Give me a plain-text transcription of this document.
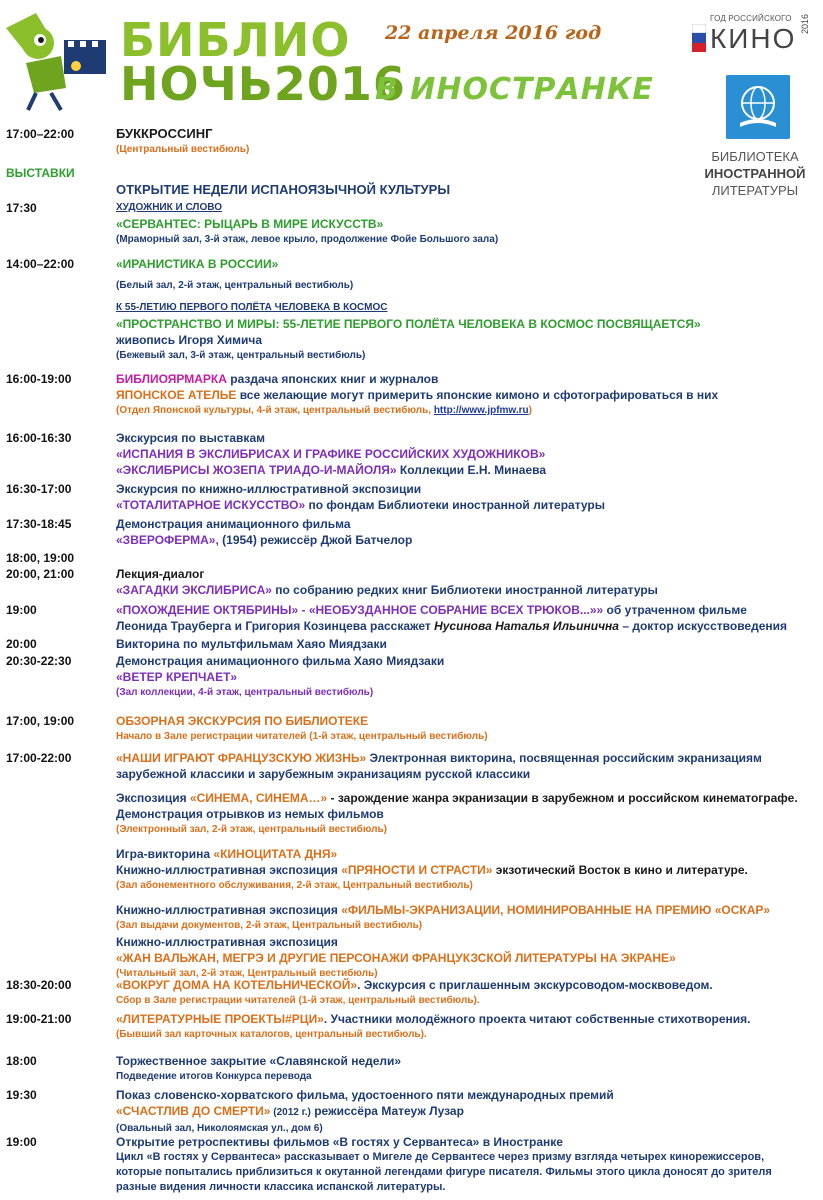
БИБЛИО
НОЧЬ2016
22 апреля 2016 год
В ИНОСТРАНКЕ
ГОД РОССИЙСКОГО
КИНО 2016
БИБЛИОТЕКА
ИНОСТРАННОЙ
ЛИТЕРАТУРЫ
17:00–22:00	БУККРОССИНГ
(Центральный вестибюль)
ВЫСТАВКИ
ОТКРЫТИЕ НЕДЕЛИ ИСПАНОЯЗЫЧНОЙ КУЛЬТУРЫ
17:30	ХУДОЖНИК И СЛОВО
«СЕРВАНТЕС: РЫЦАРЬ В МИРЕ ИСКУССТВ»
(Мраморный зал, 3-й этаж, левое крыло, продолжение Фойе Большого зала)
14:00–22:00	«ИРАНИСТИКА В РОССИИ»
(Белый зал, 2-й этаж, центральный вестибюль)
К 55-ЛЕТИЮ ПЕРВОГО ПОЛЁТА ЧЕЛОВЕКА В КОСМОС
«ПРОСТРАНСТВО И МИРЫ: 55-ЛЕТИЕ ПЕРВОГО ПОЛЁТА ЧЕЛОВЕКА В КОСМОС ПОСВЯЩАЕТСЯ»
живопись Игоря Химича
(Бежевый зал, 3-й этаж, центральный вестибюль)
16:00-19:00	БИБЛИОЯРМАРКА раздача японских книг и журналов
ЯПОНСКОЕ АТЕЛЬЕ все желающие могут примерить японские кимоно и сфотографироваться в них
(Отдел Японской культуры, 4-й этаж, центральный вестибюль, http://www.jpfmw.ru)
16:00-16:30	Экскурсия по выставкам
«ИСПАНИЯ В ЭКСЛИБРИСАХ И ГРАФИКЕ РОССИЙСКИХ ХУДОЖНИКОВ»
«ЭКСЛИБРИСЫ ЖОЗЕПА ТРИАДО-И-МАЙОЛЯ» Коллекции Е.Н. Минаева
16:30-17:00	Экскурсия по книжно-иллюстративной экспозиции
«ТОТАЛИТАРНОЕ ИСКУССТВО» по фондам Библиотеки иностранной литературы
17:30-18:45	Демонстрация анимационного фильма
«ЗВЕРОФЕРМА», (1954) режиссёр Джой Батчелор
18:00, 19:00
20:00, 21:00	Лекция-диалог
«ЗАГАДКИ ЭКСЛИБРИСА» по собранию редких книг Библиотеки иностранной литературы
19:00	«ПОХОЖДЕНИЕ ОКТЯБРИНЫ» - «НЕОБУЗДАННОЕ СОБРАНИЕ ВСЕХ ТРЮКОВ...»» об утраченном фильме
Леонида Трауберга и Григория Козинцева расскажет Нусинова Наталья Ильинична – доктор искусствоведения
20:00	Викторина по мультфильмам Хаяо Миядзаки
20:30-22:30	Демонстрация анимационного фильма Хаяо Миядзаки
«ВЕТЕР КРЕПЧАЕТ»
(Зал коллекции, 4-й этаж, центральный вестибюль)
17:00, 19:00	ОБЗОРНАЯ ЭКСКУРСИЯ ПО БИБЛИОТЕКЕ
Начало в Зале регистрации читателей (1-й этаж, центральный вестибюль)
17:00-22:00	«НАШИ ИГРАЮТ ФРАНЦУЗСКУЮ ЖИЗНЬ» Электронная викторина, посвященная российским экранизациям
зарубежной классики и зарубежным экранизациям русской классики
Экспозиция «СИНЕМА, СИНЕМА…» - зарождение жанра экранизации в зарубежном и российском кинематографе.
Демонстрация отрывков из немых фильмов
(Электронный зал, 2-й этаж, центральный вестибюль)
Игра-викторина «КИНОЦИТАТА ДНЯ»
Книжно-иллюстративная экспозиция «ПРЯНОСТИ И СТРАСТИ» экзотический Восток в кино и литературе.
(Зал абонементного обслуживания, 2-й этаж, Центральный вестибюль)
Книжно-иллюстративная экспозиция «ФИЛЬМЫ-ЭКРАНИЗАЦИИ, НОМИНИРОВАННЫЕ НА ПРЕМИЮ «ОСКАР»
(Зал выдачи документов, 2-й этаж, Центральный вестибюль)
Книжно-иллюстративная экспозиция
«ЖАН ВАЛЬЖАН, МЕГРЭ И ДРУГИЕ ПЕРСОНАЖИ ФРАНЦУКЗСКОЙ ЛИТЕРАТУРЫ НА ЭКРАНЕ»
(Читальный зал, 2-й этаж, Центральный вестибюль)
18:30-20:00	«ВОКРУГ ДОМА НА КОТЕЛЬНИЧЕСКОЙ». Экскурсия с приглашенным экскурсоводом-москвоведом.
Сбор в Зале регистрации читателей (1-й этаж, центральный вестибюль).
19:00-21:00	«ЛИТЕРАТУРНЫЕ ПРОЕКТЫ#РЦИ». Участники молодёжного проекта читают собственные стихотворения.
(Бывший зал карточных каталогов, центральный вестибюль).
18:00	Торжественное закрытие «Славянской недели»
Подведение итогов Конкурса перевода
19:30	Показ словенско-хорватского фильма, удостоенного пяти международных премий
«СЧАСТЛИВ ДО СМЕРТИ» (2012 г.) режиссёра Матеуж Лузар
(Овальный зал, Николоямская ул., дом 6)
19:00	Открытие ретроспективы фильмов «В гостях у Сервантеса» в Иностранке
Цикл «В гостях у Сервантеса» рассказывает о Мигеле де Сервантесе через призму взгляда четырех кинорежиссеров,
которые попытались приблизиться к окутанной легендами фигуре писателя. Фильмы этого цикла доносят до зрителя
разные видения личности классика испанской литературы.
